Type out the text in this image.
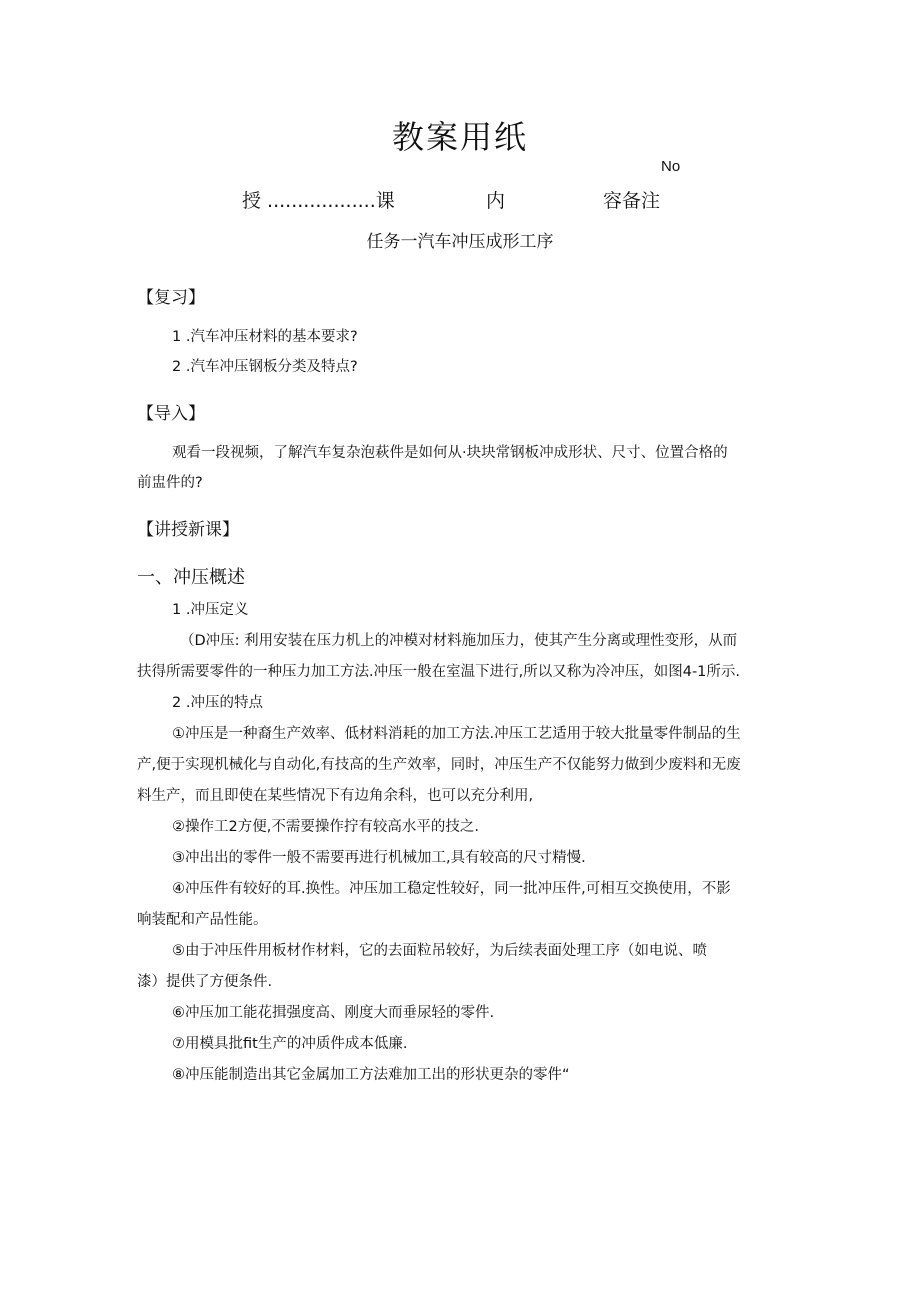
教案用纸
No
授 ..................课	内	容备注
任务一汽车冲压成形工序
【复习】
1 .汽车冲压材料的基本要求?
2 .汽车冲压钢板分类及特点?
【导入】
观看一段视频，了解汽车复杂泡萩件是如何从·块块常钢板冲成形状、尺寸、位置合格的
前盅件的?
【讲授新课】
一、冲压概述
1 .冲压定义
（D冲压: 利用安装在压力机上的冲模对材料施加压力，使其产生分离或理性变形，从而
扶得所需要零件的一种压力加工方法.冲压一般在室温下进行,所以又称为冷冲压，如图4-1所示.
2 .冲压的特点
①冲压是一种裔生产效率、低材料消耗的加工方法.冲压工艺适用于较大批量零件制品的生
产,便于实现机械化与自动化,有技高的生产效率，同时，冲压生产不仅能努力做到少废料和无废
料生产，而且即使在某些情况下有边角余科，也可以充分利用,
②操作工2方便,不需要操作拧有较高水平的技之.
③冲出出的零件一般不需要再进行机械加工,具有较高的尺寸精慢.
④冲压件有较好的耳.换性。冲压加工稳定性较好，同一批冲压件,可相互交换使用，不影
响装配和产品性能。
⑤由于冲压件用板材作材料，它的去面粒吊较好，为后续表面处理工序（如电说、喷
漆）提供了方便条件.
⑥冲压加工能花揖强度高、刚度大而垂尿轻的零件.
⑦用模具批fit生产的冲质件成本低廉.
⑧冲压能制造出其它金属加工方法难加工出的形状更杂的零件“
